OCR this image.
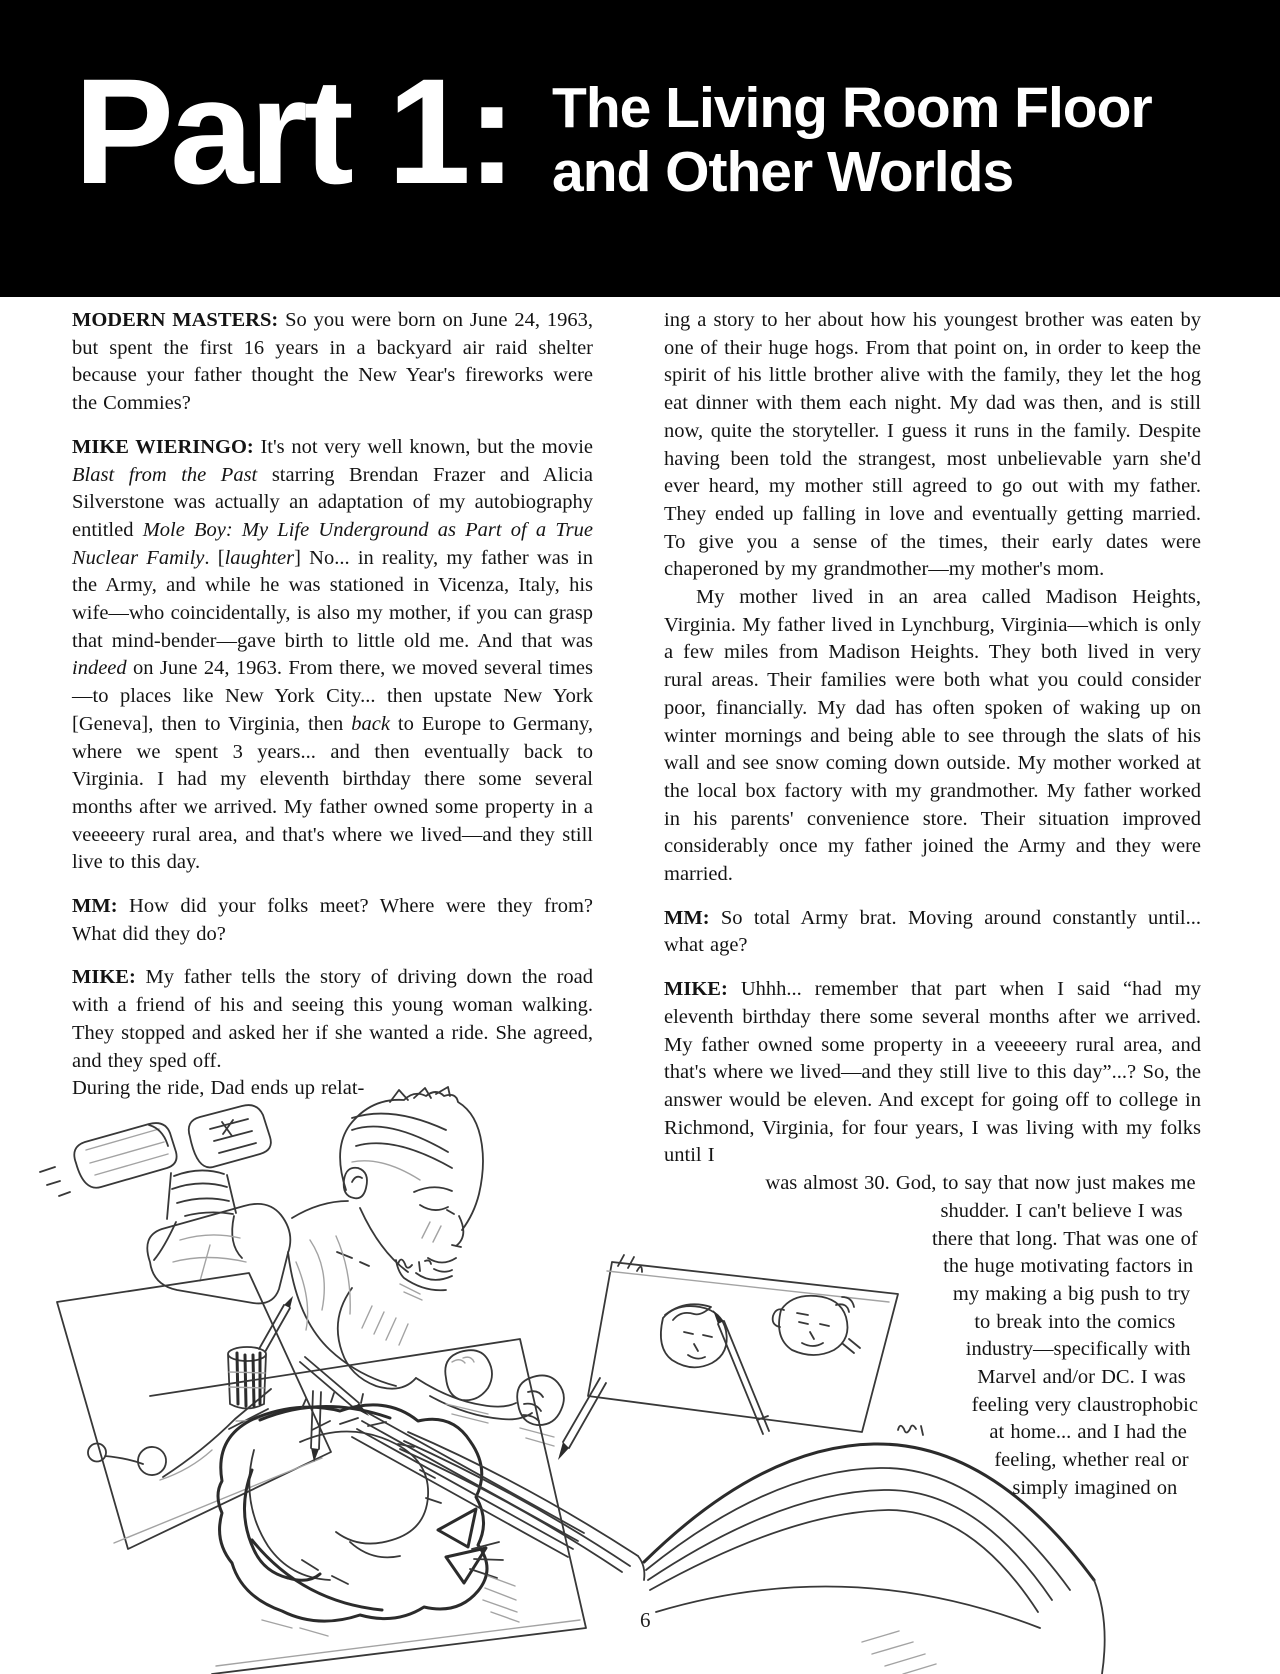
Part 1: The Living Room Floor
and Other Worlds

MODERN MASTERS: So you were born on June 24, 1963, but spent the first 16 years in a backyard air raid shelter because your father thought the New Year's fireworks were the Commies?

MIKE WIERINGO: It's not very well known, but the movie Blast from the Past starring Brendan Frazer and Alicia Silverstone was actually an adaptation of my autobiography entitled Mole Boy: My Life Underground as Part of a True Nuclear Family. [laughter] No... in reality, my father was in the Army, and while he was stationed in Vicenza, Italy, his wife—who coincidentally, is also my mother, if you can grasp that mind-bender—gave birth to little old me. And that was indeed on June 24, 1963. From there, we moved several times—to places like New York City... then upstate New York [Geneva], then to Virginia, then back to Europe to Germany, where we spent 3 years... and then eventually back to Virginia. I had my eleventh birthday there some several months after we arrived. My father owned some property in a veeeeery rural area, and that's where we lived—and they still live to this day.

MM: How did your folks meet? Where were they from? What did they do?

MIKE: My father tells the story of driving down the road with a friend of his and seeing this young woman walking. They stopped and asked her if she wanted a ride. She agreed, and they sped off.
During the ride, Dad ends up relat-

ing a story to her about how his youngest brother was eaten by one of their huge hogs. From that point on, in order to keep the spirit of his little brother alive with the family, they let the hog eat dinner with them each night. My dad was then, and is still now, quite the storyteller. I guess it runs in the family. Despite having been told the strangest, most unbelievable yarn she'd ever heard, my mother still agreed to go out with my father. They ended up falling in love and eventually getting married. To give you a sense of the times, their early dates were chaperoned by my grandmother—my mother's mom.

My mother lived in an area called Madison Heights, Virginia. My father lived in Lynchburg, Virginia—which is only a few miles from Madison Heights. They both lived in very rural areas. Their families were both what you could consider poor, financially. My dad has often spoken of waking up on winter mornings and being able to see through the slats of his wall and see snow coming down outside. My mother worked at the local box factory with my grandmother. My father worked in his parents' convenience store. Their situation improved considerably once my father joined the Army and they were married.

MM: So total Army brat. Moving around constantly until... what age?

MIKE: Uhhh... remember that part when I said “had my eleventh birthday there some several months after we arrived. My father owned some property in a veeeeery rural area, and that's where we lived—and they still live to this day”...? So, the answer would be eleven. And except for going off to college in Richmond, Virginia, for four years, I was living with my folks until I

was almost 30. God, to say that now just makes me shudder. I can't believe I was there that long. That was one of the huge motivating factors in my making a big push to try to break into the comics industry—specifically with Marvel and/or DC. I was feeling very claustrophobic at home... and I had the feeling, whether real or simply imagined on

6
